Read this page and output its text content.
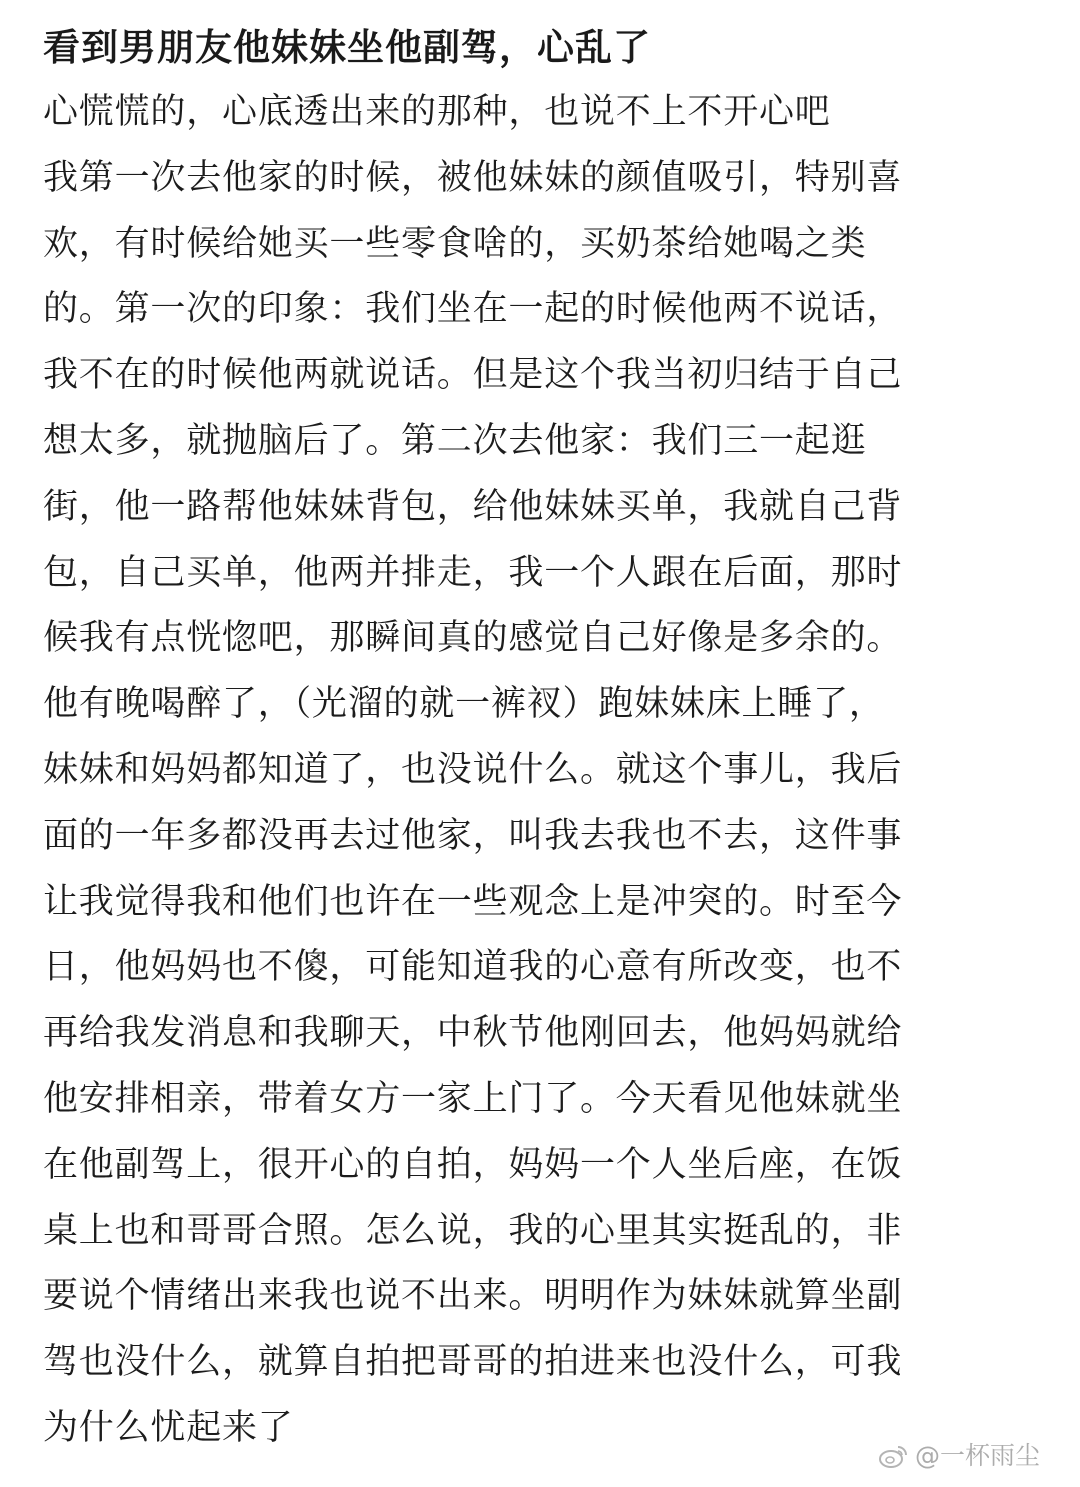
看到男朋友他妹妹坐他副驾，心乱了
心慌慌的，心底透出来的那种，也说不上不开心吧
我第一次去他家的时候，被他妹妹的颜值吸引，特别喜
欢，有时候给她买一些零食啥的，买奶茶给她喝之类
的。第一次的印象：我们坐在一起的时候他两不说话，
我不在的时候他两就说话。但是这个我当初归结于自己
想太多，就抛脑后了。第二次去他家：我们三一起逛
街，他一路帮他妹妹背包，给他妹妹买单，我就自己背
包，自己买单，他两并排走，我一个人跟在后面，那时
候我有点恍惚吧，那瞬间真的感觉自己好像是多余的。
他有晚喝醉了，（光溜的就一裤衩）跑妹妹床上睡了，
妹妹和妈妈都知道了，也没说什么。就这个事儿，我后
面的一年多都没再去过他家，叫我去我也不去，这件事
让我觉得我和他们也许在一些观念上是冲突的。时至今
日，他妈妈也不傻，可能知道我的心意有所改变，也不
再给我发消息和我聊天，中秋节他刚回去，他妈妈就给
他安排相亲，带着女方一家上门了。今天看见他妹就坐
在他副驾上，很开心的自拍，妈妈一个人坐后座，在饭
桌上也和哥哥合照。怎么说，我的心里其实挺乱的，非
要说个情绪出来我也说不出来。明明作为妹妹就算坐副
驾也没什么，就算自拍把哥哥的拍进来也没什么，可我
为什么忧起来了
@一杯雨尘
